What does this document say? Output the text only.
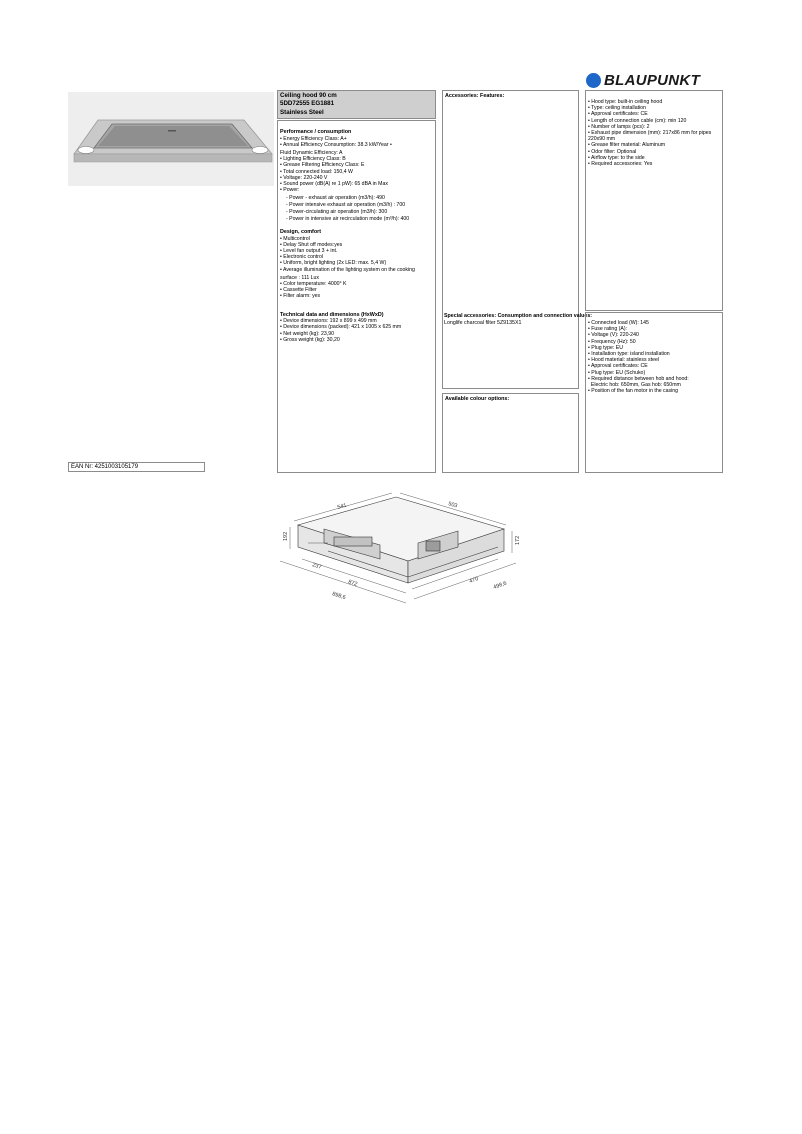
BLAUPUNKT
Ceiling hood 90 cm
5DD72555 EG1881
Stainless Steel
Performance / consumption
• Energy Efficiency Class: A+
• Annual Efficiency Consumption: 38.3 kW/Year •
Fluid Dynamic Efficiency: A
• Lighting Efficiency Class: B
• Grease Filtering Efficiency Class: E
• Total connected load: 150,4 W
• Voltage: 220-240 V
• Sound power (dB(A) re 1 pW): 65 dBA in Max
• Power:
- Power - exhaust air operation (m3/h): 490
- Power intensive exhaust air operation (m3/h) : 700
- Power-circulating air operation (m3/h): 300
- Power in intensive air recirculation mode (m³/h): 400
Design, comfort
• Multicontrol
• Delay Shut off modes:yes
• Level fan output 3 + int.
• Electronic control
• Uniform, bright lighting (2x LED: max. 5,4 W)
• Average illumination of the lighting system on the cooking
surface : 111 Lux
• Color temperature: 4000° K
• Cassette Filter
• Filter alarm: yes
Technical data and dimensions (HxWxD)
• Device dimensions: 192 x 899 x 499 mm
• Device dimensions (packed): 421 x 1005 x 625 mm
• Net weight (kg): 23,90
• Gross weight (kg): 30,20
Accessories: Features:
Special accessories: Consumption and connection values:
Longlife charcoal filter 5Z9135X1
Available colour options:
• Hood type: built-in ceiling hood
• Type: ceiling installation
• Approval certificates: CE
• Length of connection cable (cm): min 120
• Number of lamps (pcs): 2
• Exhaust pipe dimension (mm): 217x86 mm for pipes
220x90 mm
• Grease filter material: Aluminum
• Odor filter: Optional
• Airflow type: to the side
• Required accessories: Yes
• Connected load (W): 145
• Fuse rating (A):
• Voltage (V): 220-240
• Frequency (Hz): 50
• Plug type: EU
• Installation type: island installation
• Hood material: stainless steel
• Approval certificates: CE
• Plug type: EU (Schuko)
• Required distance between hob and hood:
Electric hob: 650mm, Gas hob: 650mm
• Position of the fan motor in the casing
EAN Nr: 4251003105179
541	503
192	172
237
872
898,6
470
498,6
